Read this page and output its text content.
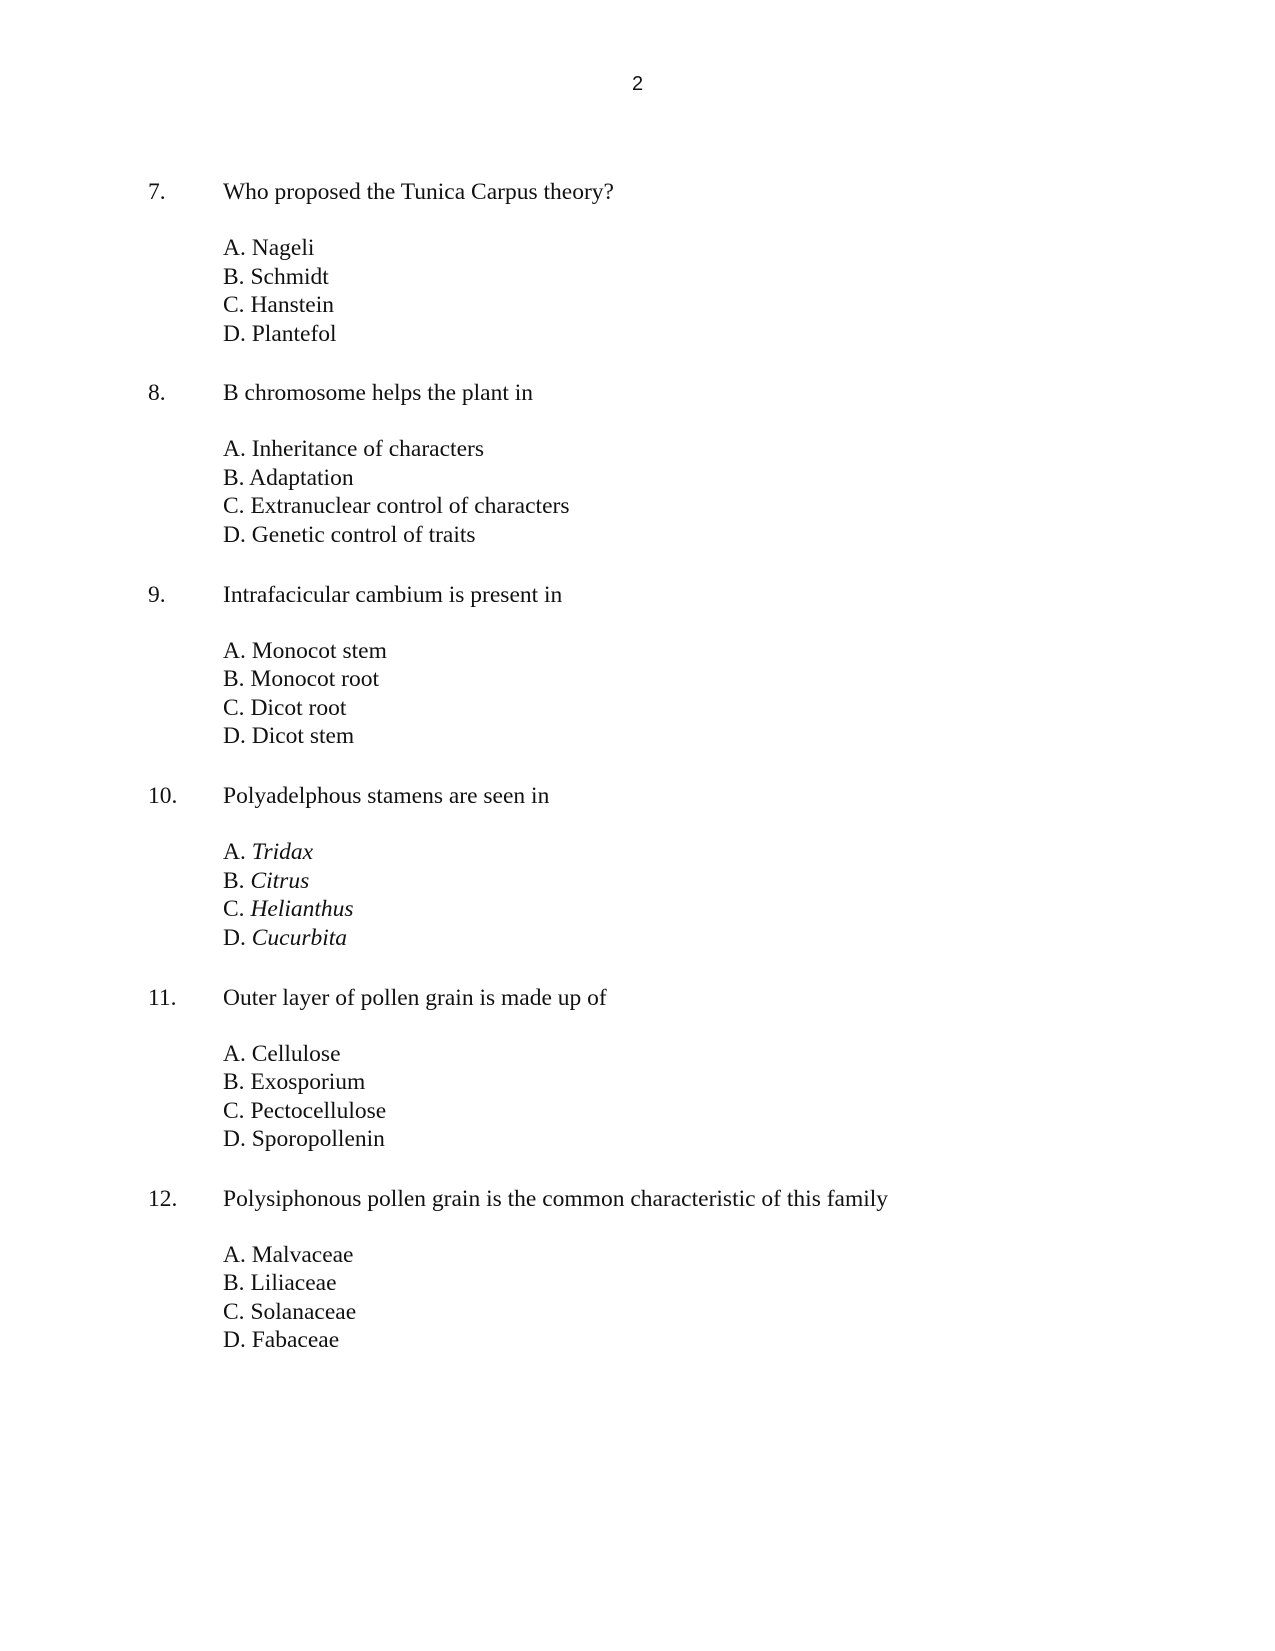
2
7. Who proposed the Tunica Carpus theory?
A. Nageli
B. Schmidt
C. Hanstein
D. Plantefol
8. B chromosome helps the plant in
A. Inheritance of characters
B. Adaptation
C. Extranuclear control of characters
D. Genetic control of traits
9. Intrafacicular cambium is present in
A. Monocot stem
B. Monocot root
C. Dicot root
D. Dicot stem
10. Polyadelphous stamens are seen in
A. Tridax
B. Citrus
C. Helianthus
D. Cucurbita
11. Outer layer of pollen grain is made up of
A. Cellulose
B. Exosporium
C. Pectocellulose
D. Sporopollenin
12. Polysiphonous pollen grain is the common characteristic of this family
A. Malvaceae
B. Liliaceae
C. Solanaceae
D. Fabaceae
